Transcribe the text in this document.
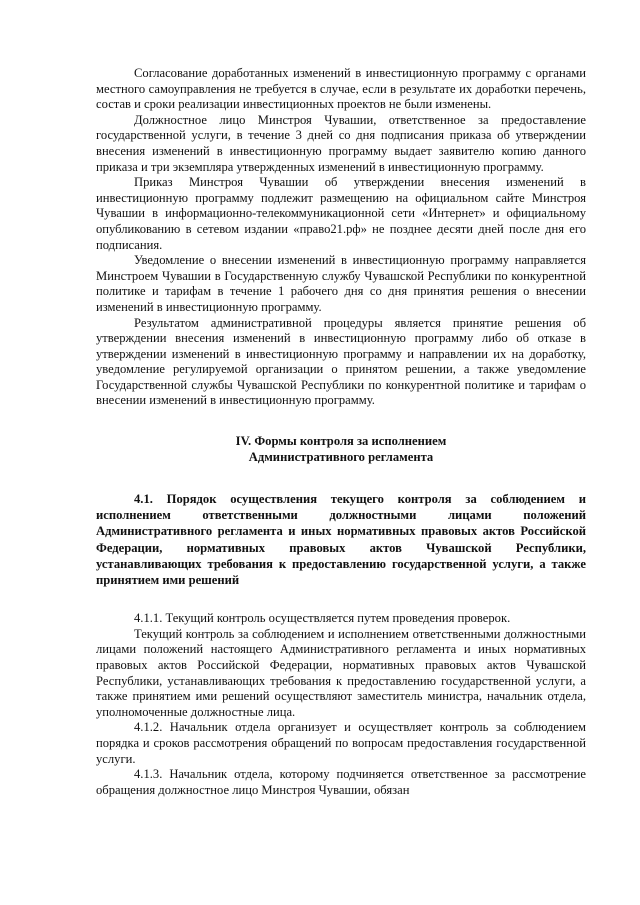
Согласование доработанных изменений в инвестиционную программу с органами местного самоуправления не требуется в случае, если в результате их доработки перечень, состав и сроки реализации инвестиционных проектов не были изменены.

Должностное лицо Минстроя Чувашии, ответственное за предоставление государственной услуги, в течение 3 дней со дня подписания приказа об утверждении внесения изменений в инвестиционную программу выдает заявителю копию данного приказа и три экземпляра утвержденных изменений в инвестиционную программу.

Приказ Минстроя Чувашии об утверждении внесения изменений в инвестиционную программу подлежит размещению на официальном сайте Минстроя Чувашии в информационно-телекоммуникационной сети «Интернет» и официальному опубликованию в сетевом издании «право21.рф» не позднее десяти дней после дня его подписания.

Уведомление о внесении изменений в инвестиционную программу направляется Минстроем Чувашии в Государственную службу Чувашской Республики по конкурентной политике и тарифам в течение 1 рабочего дня со дня принятия решения о внесении изменений в инвестиционную программу.

Результатом административной процедуры является принятие решения об утверждении внесения изменений в инвестиционную программу либо об отказе в утверждении изменений в инвестиционную программу и направлении их на доработку, уведомление регулируемой организации о принятом решении, а также уведомление Государственной службы Чувашской Республики по конкурентной политике и тарифам о внесении изменений в инвестиционную программу.

IV. Формы контроля за исполнением
Административного регламента
4.1. Порядок осуществления текущего контроля за соблюдением и исполнением ответственными должностными лицами положений Административного регламента и иных нормативных правовых актов Российской Федерации, нормативных правовых актов Чувашской Республики, устанавливающих требования к предоставлению государственной услуги, а также принятием ими решений

4.1.1. Текущий контроль осуществляется путем проведения проверок.

Текущий контроль за соблюдением и исполнением ответственными должностными лицами положений настоящего Административного регламента и иных нормативных правовых актов Российской Федерации, нормативных правовых актов Чувашской Республики, устанавливающих требования к предоставлению государственной услуги, а также принятием ими решений осуществляют заместитель министра, начальник отдела, уполномоченные должностные лица.

4.1.2. Начальник отдела организует и осуществляет контроль за соблюдением порядка и сроков рассмотрения обращений по вопросам предоставления государственной услуги.

4.1.3. Начальник отдела, которому подчиняется ответственное за рассмотрение обращения должностное лицо Минстроя Чувашии, обязан
